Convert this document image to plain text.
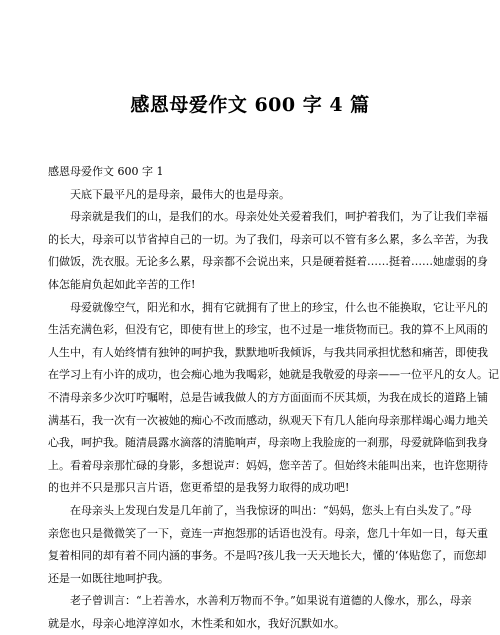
感恩母爱作文 600 字 4 篇
感恩母爱作文 600 字 1
天底下最平凡的是母亲，最伟大的也是母亲。
母亲就是我们的山，是我们的水。母亲处处关爱着我们，呵护着我们，为了让我们幸福
的长大，母亲可以节省掉自己的一切。为了我们，母亲可以不管有多么累，多么辛苦，为我
们做饭，洗衣服。无论多么累，母亲都不会说出来，只是硬着挺着……挺着……她虚弱的身
体怎能肩负起如此辛苦的工作!
母爱就像空气，阳光和水，拥有它就拥有了世上的珍宝，什么也不能换取，它让平凡的
生活充满色彩，但没有它，即使有世上的珍宝，也不过是一堆货物而已。我的算不上风雨的
人生中，有人始终情有独钟的呵护我，默默地听我倾诉，与我共同承担忧愁和痛苦，即使我
在学习上有小许的成功，也会痴心地为我喝彩，她就是我敬爱的母亲——一位平凡的女人。记
不清母亲多少次叮咛嘱咐，总是告诫我做人的方方面面而不厌其烦，为我在成长的道路上铺
满基石，我一次有一次被她的痴心不改而感动，纵观天下有几人能向母亲那样竭心竭力地关
心我，呵护我。随清晨露水滴落的清脆响声，母亲吻上我脸庞的一刹那，母爱就降临到我身
上。看着母亲那忙碌的身影，多想说声：妈妈，您辛苦了。但始终未能叫出来，也许您期待
的也并不只是那只言片语，您更希望的是我努力取得的成功吧!
在母亲头上发现白发是几年前了，当我惊讶的叫出：“妈妈，您头上有白头发了。”母
亲您也只是微微笑了一下，竟连一声抱怨那的话语也没有。母亲，您几十年如一日，每天重
复着相同的却有着不同内涵的事务。不是吗?孩儿我一天天地长大，懂的‘体贴您了，而您却
还是一如既往地呵护我。
老子曾训言：“上若善水，水善利万物而不争。”如果说有道德的人像水，那么，母亲
就是水，母亲心地淳淳如水，木性柔和如水，我好沉默如水。
